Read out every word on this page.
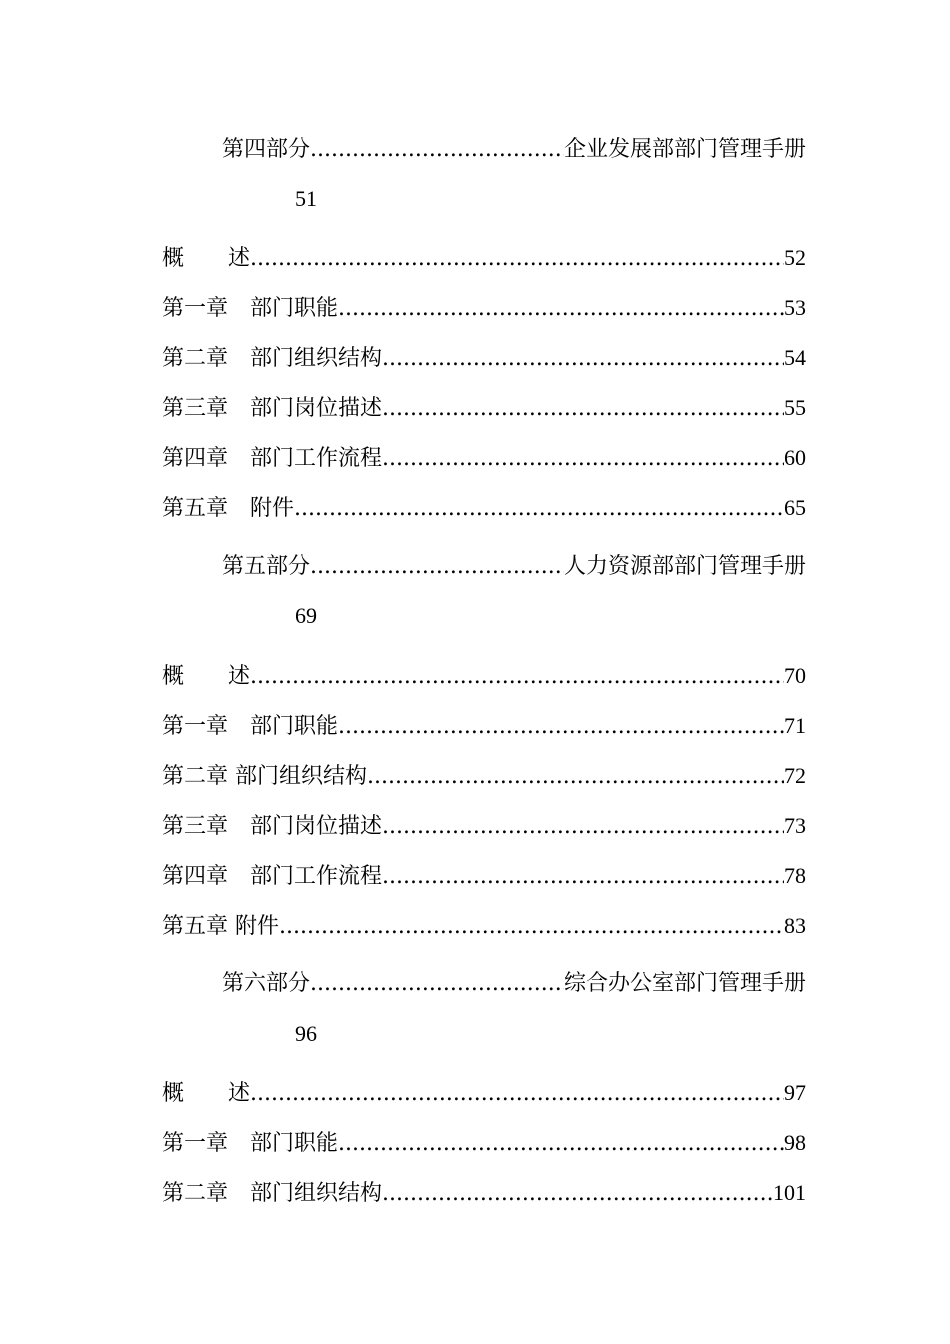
第四部分 .....	企业发展部部门管理手册
51
概　　述 .....	52
第一章　部门职能 .....	53
第二章　部门组织结构 .....	54
第三章　部门岗位描述 .....	55
第四章　部门工作流程 .....	60
第五章　附件 .....	65
第五部分 .....	人力资源部部门管理手册
69
概　　述 .....	70
第一章　部门职能 .....	71
第二章 部门组织结构 .....	72
第三章　部门岗位描述 .....	73
第四章　部门工作流程 .....	78
第五章 附件 .....	83
第六部分 .....	综合办公室部门管理手册
96
概　　述 .....	97
第一章　部门职能 .....	98
第二章　部门组织结构 .....	101
